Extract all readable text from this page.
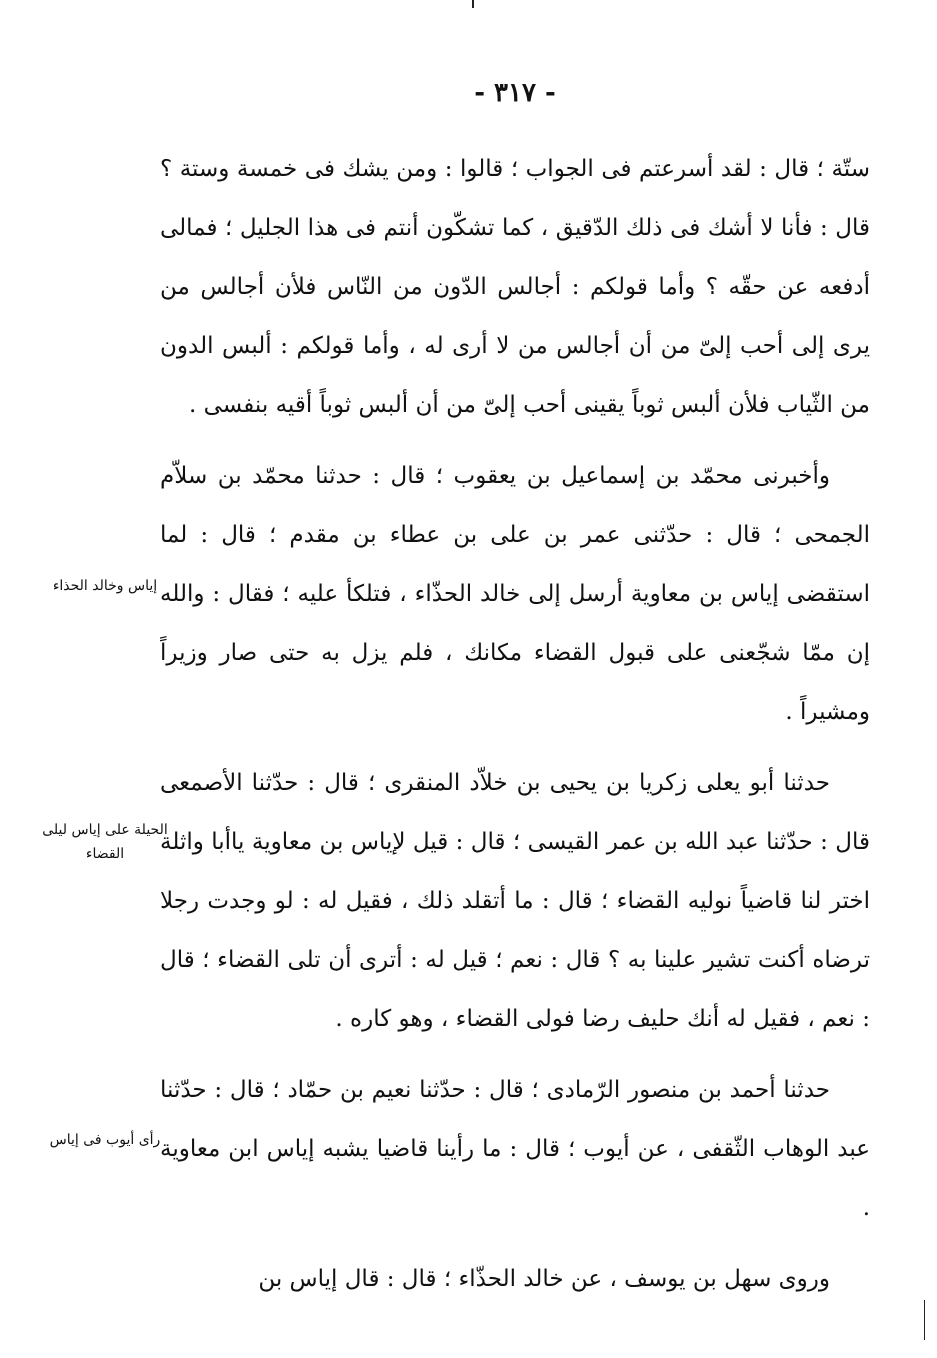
- ٣١٧ -

ستّة ؛ قال : لقد أسرعتم فى الجواب ؛ قالوا : ومن يشك فى خمسة وستة ؟ قال : فأنا لا أشك فى ذلك الدّقيق ، كما تشكّون أنتم فى هذا الجليل ؛ فمالى أدفعه عن حقّه ؟ وأما قولكم : أجالس الدّون من النّاس فلأن أجالس من يرى إلى أحب إلىّ من أن أجالس من لا أرى له ، وأما قولكم : ألبس الدون من الثّياب فلأن ألبس ثوباً يقينى أحب إلىّ من أن ألبس ثوباً أقيه بنفسى .

وأخبرنى محمّد بن إسماعيل بن يعقوب ؛ قال : حدثنا محمّد بن سلاّم الجمحى ؛ قال : حدّثنى عمر بن على بن عطاء بن مقدم ؛ قال : لما استقضى إياس بن معاوية أرسل إلى خالد الحذّاء ، فتلكأ عليه ؛ فقال : والله إن ممّا شجّعنى على قبول القضاء مكانك ، فلم يزل به حتى صار وزيراً ومشيراً .

حدثنا أبو يعلى زكريا بن يحيى بن خلاّد المنقرى ؛ قال : حدّثنا الأصمعى قال : حدّثنا عبد الله بن عمر القيسى ؛ قال : قيل لإياس بن معاوية ياأبا واثلة اختر لنا قاضياً نوليه القضاء ؛ قال : ما أتقلد ذلك ، فقيل له : لو وجدت رجلا ترضاه أكنت تشير علينا به ؟ قال : نعم ؛ قيل له : أترى أن تلى القضاء ؛ قال : نعم ، فقيل له أنك حليف رضا فولى القضاء ، وهو كاره .

حدثنا أحمد بن منصور الرّمادى ؛ قال : حدّثنا نعيم بن حمّاد ؛ قال : حدّثنا عبد الوهاب الثّقفى ، عن أيوب ؛ قال : ما رأينا قاضيا يشبه إياس ابن معاوية .

وروى سهل بن يوسف ، عن خالد الحذّاء ؛ قال : قال إياس بن

إياس وخالد الحذاء
الحيلة على إياس ليلى القضاء
رأى أيوب فى إياس
